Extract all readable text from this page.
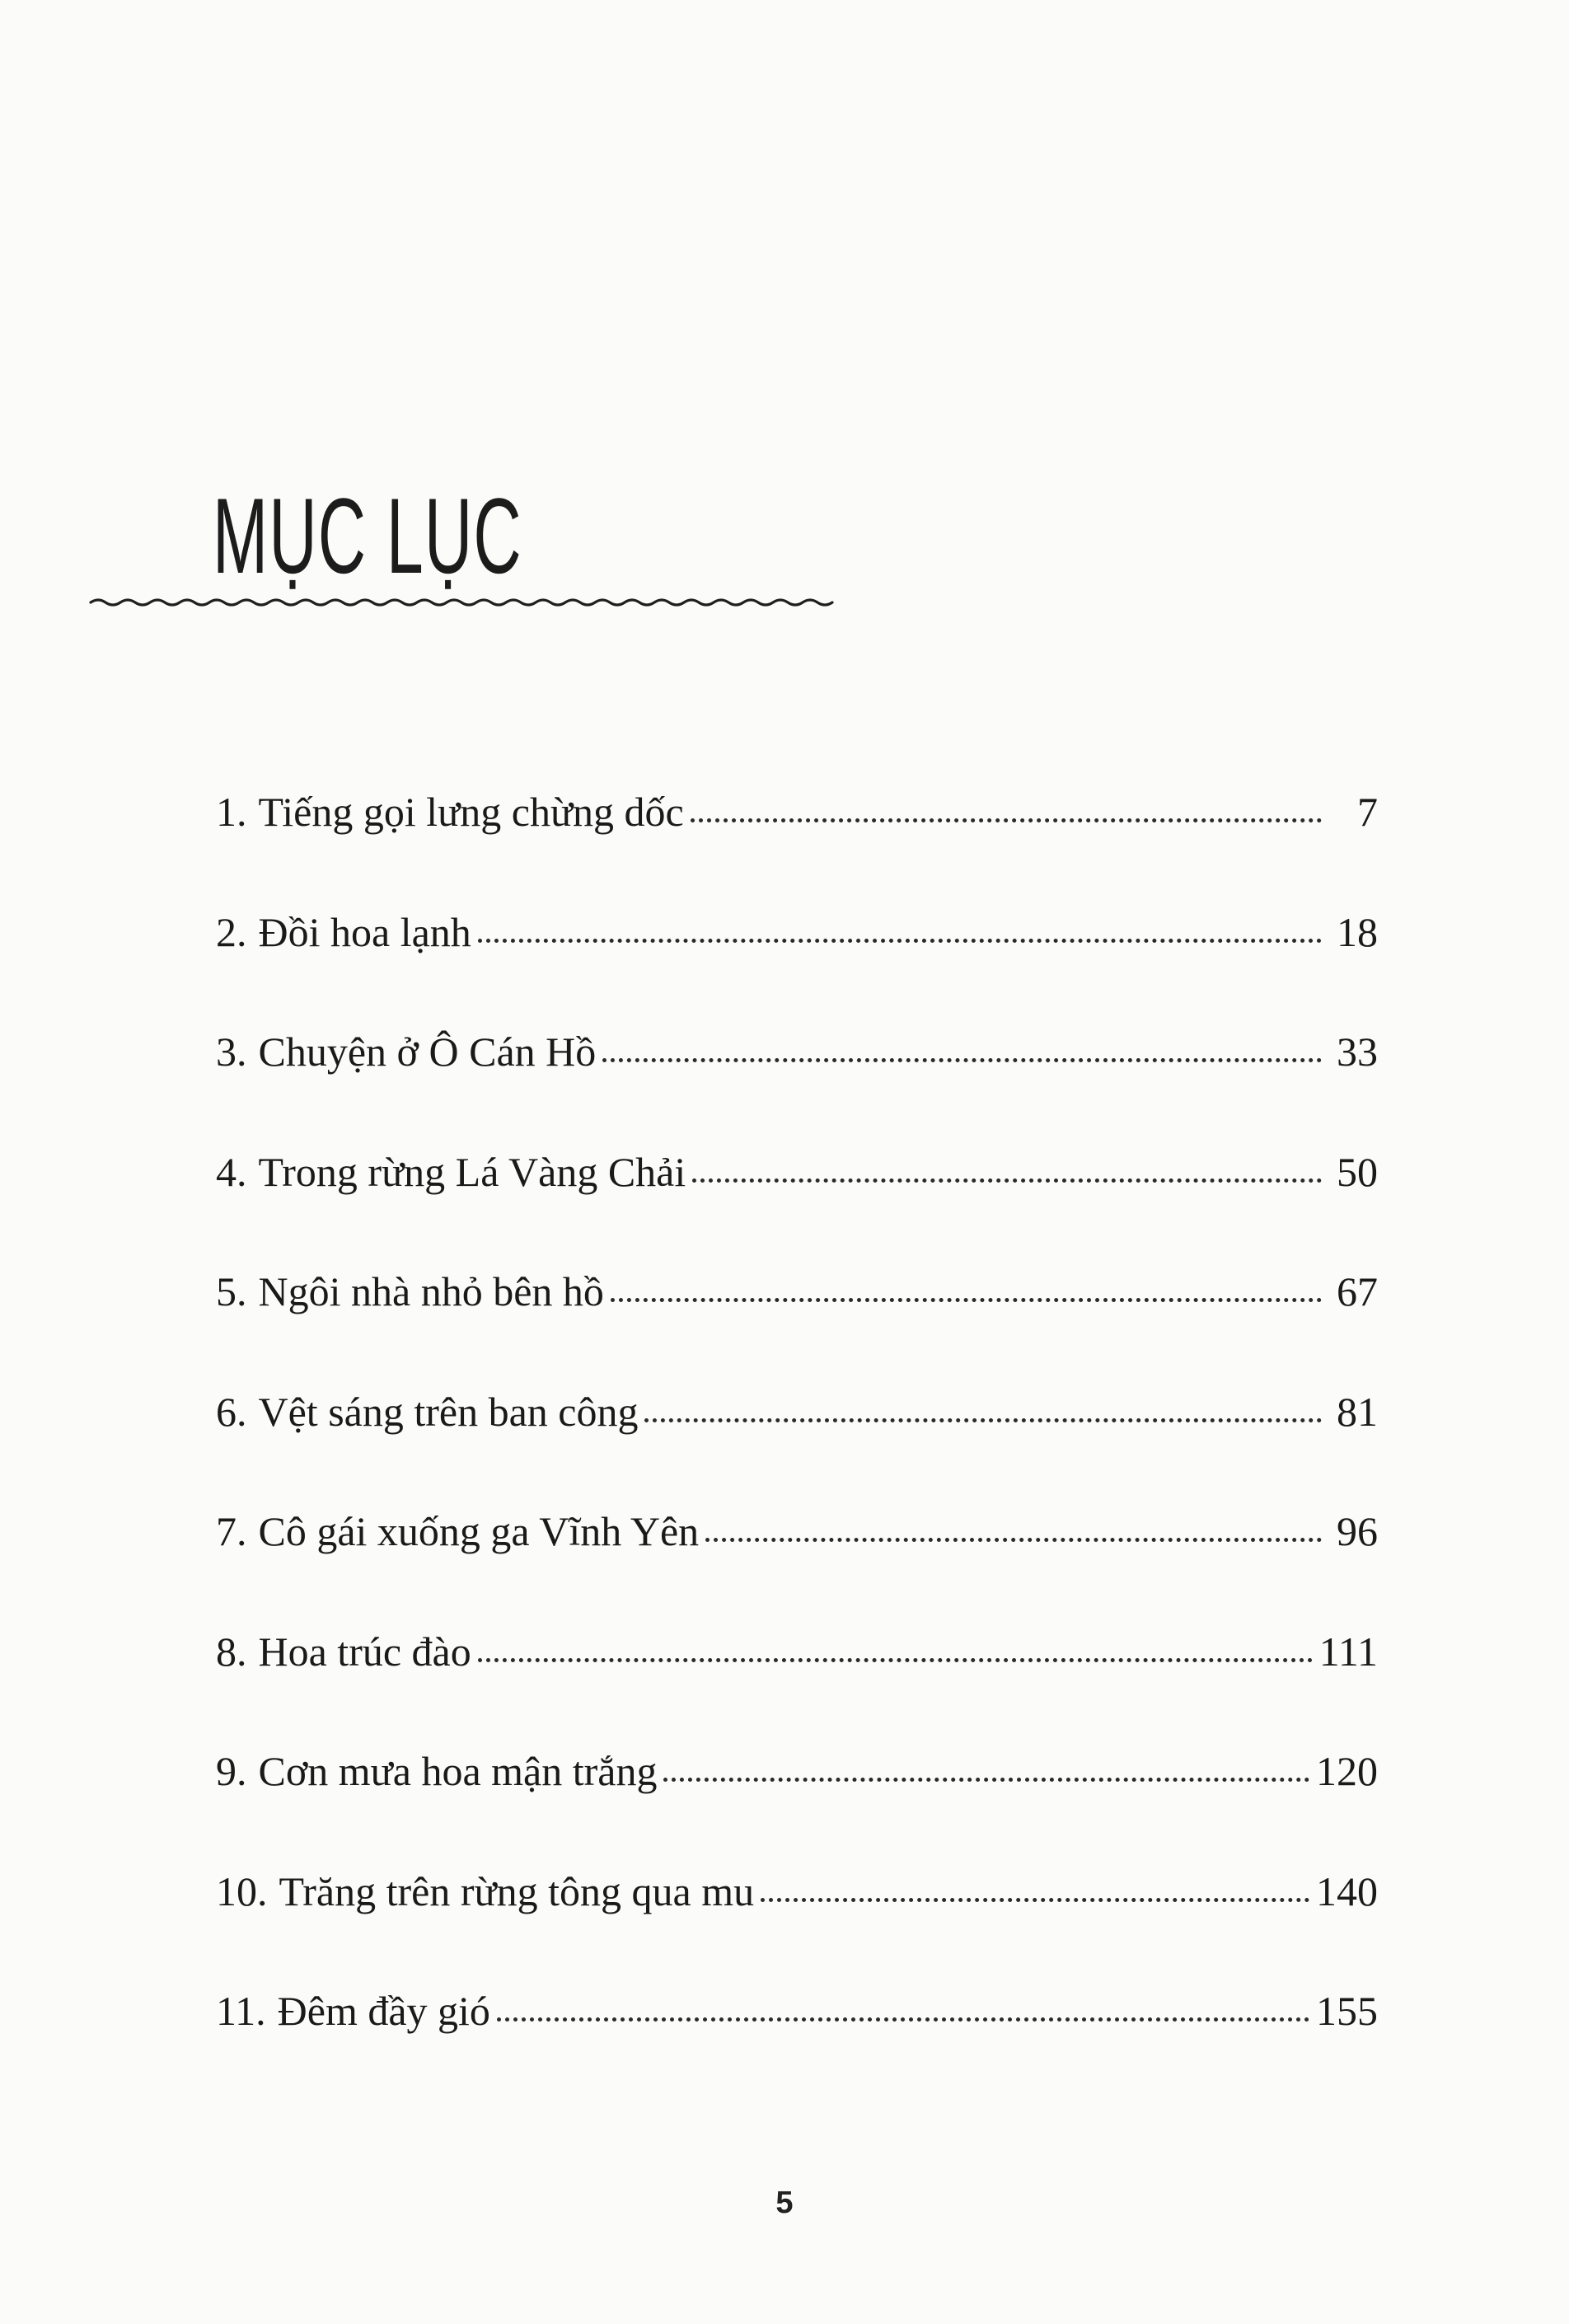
MỤC LỤC
1. Tiếng gọi lưng chừng dốc	7
2. Đồi hoa lạnh	18
3. Chuyện ở Ô Cán Hồ	33
4. Trong rừng Lá Vàng Chải	50
5. Ngôi nhà nhỏ bên hồ	67
6. Vệt sáng trên ban công	81
7. Cô gái xuống ga Vĩnh Yên	96
8. Hoa trúc đào	111
9. Cơn mưa hoa mận trắng	120
10. Trăng trên rừng tông qua mu	140
11. Đêm đầy gió	155
5
